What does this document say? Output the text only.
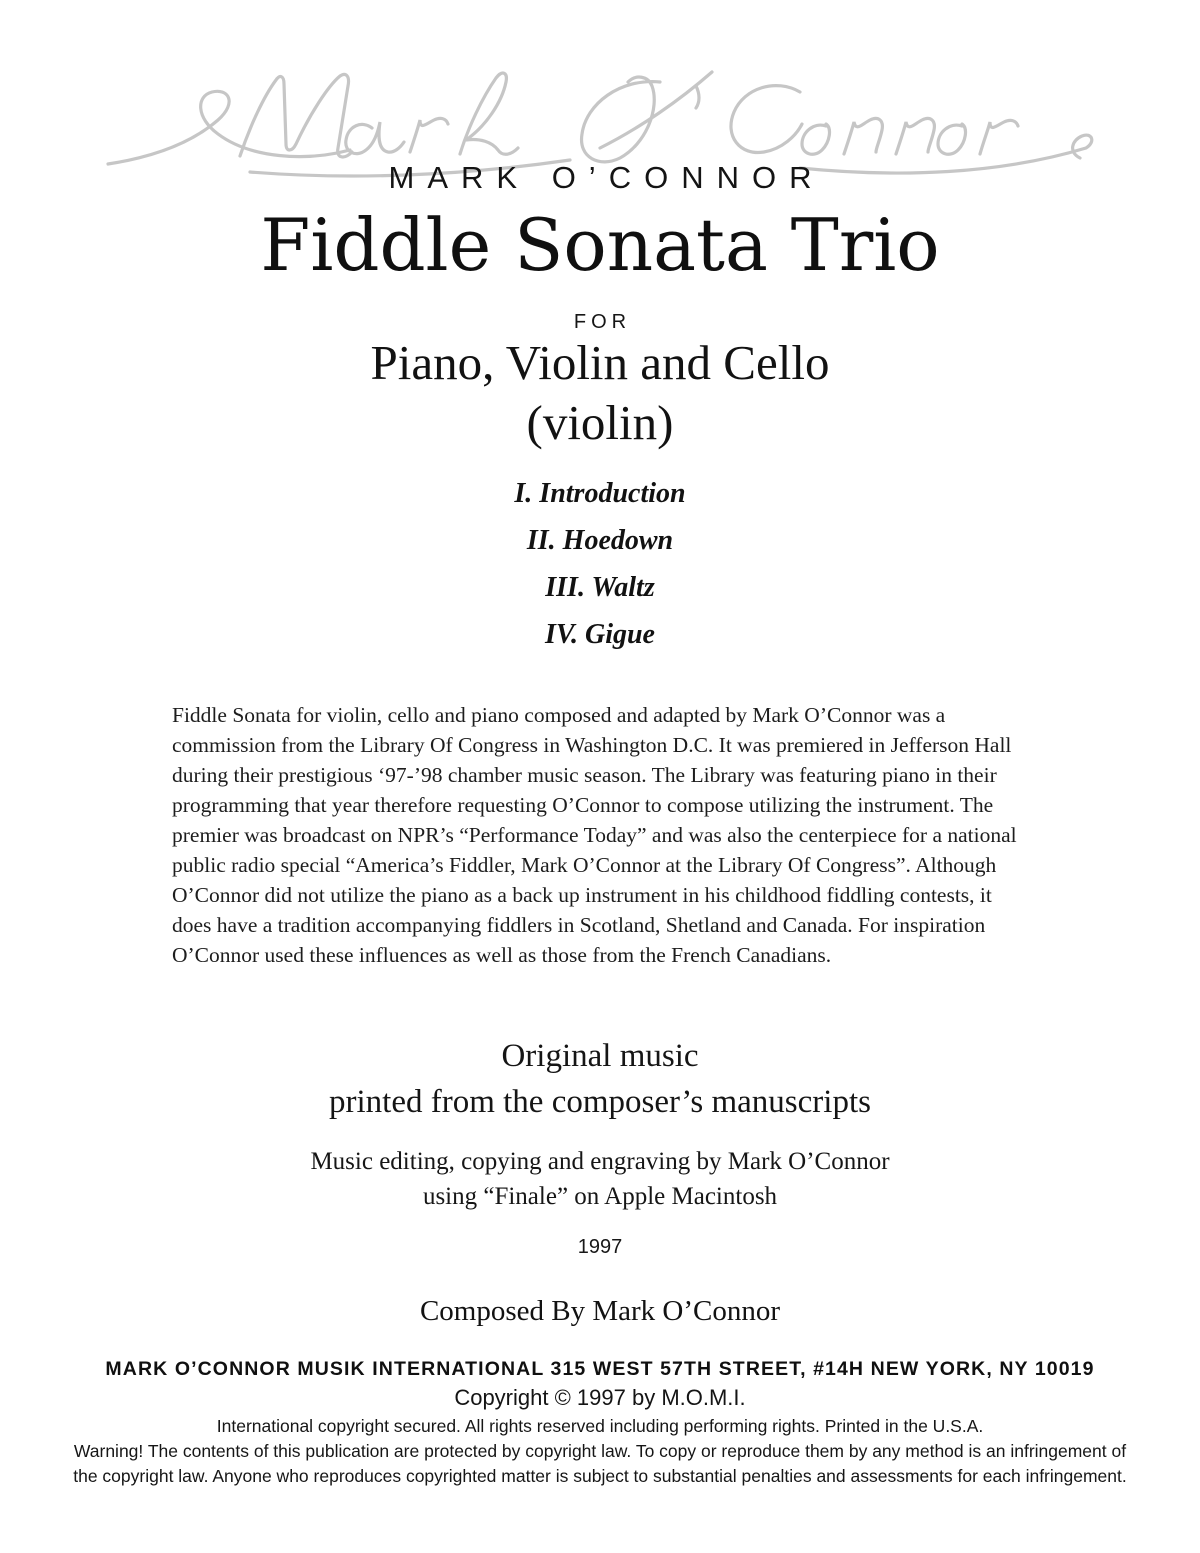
MARK O’CONNOR
Fiddle Sonata Trio
FOR
Piano, Violin and Cello
(violin)
I. Introduction
II. Hoedown
III. Waltz
IV. Gigue
Fiddle Sonata for violin, cello and piano composed and adapted by Mark O’Connor was a commission from the Library Of Congress in Washington D.C. It was premiered in Jefferson Hall during their prestigious ‘97-’98 chamber music season. The Library was featuring piano in their programming that year therefore requesting O’Connor to compose utilizing the instrument. The premier was broadcast on NPR’s “Performance Today” and was also the centerpiece for a national public radio special “America’s Fiddler, Mark O’Connor at the Library Of Congress”. Although O’Connor did not utilize the piano as a back up instrument in his childhood fiddling contests, it does have a tradition accompanying fiddlers in Scotland, Shetland and Canada. For inspiration O’Connor used these influences as well as those from the French Canadians.
Original music
printed from the composer’s manuscripts
Music editing, copying and engraving by Mark O’Connor
using “Finale” on Apple Macintosh
1997
Composed By Mark O’Connor
MARK O’CONNOR MUSIK INTERNATIONAL 315 WEST 57TH STREET, #14H NEW YORK, NY 10019
Copyright © 1997 by M.O.M.I.
International copyright secured. All rights reserved including performing rights. Printed in the U.S.A.
Warning! The contents of this publication are protected by copyright law. To copy or reproduce them by any method is an infringement of the copyright law. Anyone who reproduces copyrighted matter is subject to substantial penalties and assessments for each infringement.
